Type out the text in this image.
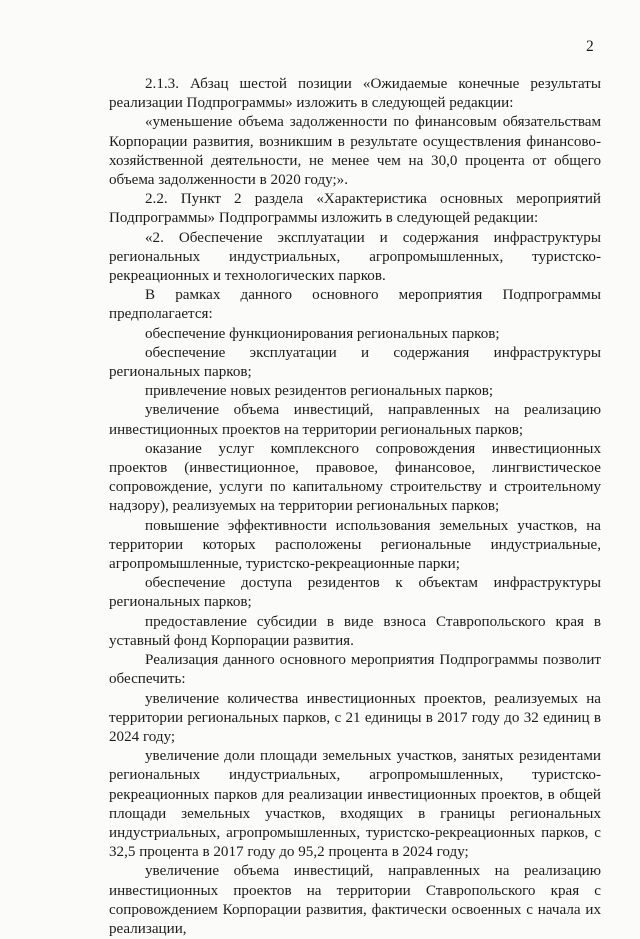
2

2.1.3. Абзац шестой позиции «Ожидаемые конечные результаты реализации Подпрограммы» изложить в следующей редакции:

«уменьшение объема задолженности по финансовым обязательствам Корпорации развития, возникшим в результате осуществления финансово-хозяйственной деятельности, не менее чем на 30,0 процента от общего объема задолженности в 2020 году;».

2.2. Пункт 2 раздела «Характеристика основных мероприятий Подпрограммы» Подпрограммы изложить в следующей редакции:

«2. Обеспечение эксплуатации и содержания инфраструктуры региональных индустриальных, агропромышленных, туристско-рекреационных и технологических парков.

В рамках данного основного мероприятия Подпрограммы предполагается:

обеспечение функционирования региональных парков;

обеспечение эксплуатации и содержания инфраструктуры региональных парков;

привлечение новых резидентов региональных парков;

увеличение объема инвестиций, направленных на реализацию инвестиционных проектов на территории региональных парков;

оказание услуг комплексного сопровождения инвестиционных проектов (инвестиционное, правовое, финансовое, лингвистическое сопровождение, услуги по капитальному строительству и строительному надзору), реализуемых на территории региональных парков;

повышение эффективности использования земельных участков, на территории которых расположены региональные индустриальные, агропромышленные, туристско-рекреационные парки;

обеспечение доступа резидентов к объектам инфраструктуры региональных парков;

предоставление субсидии в виде взноса Ставропольского края в уставный фонд Корпорации развития.

Реализация данного основного мероприятия Подпрограммы позволит обеспечить:

увеличение количества инвестиционных проектов, реализуемых на территории региональных парков, с 21 единицы в 2017 году до 32 единиц в 2024 году;

увеличение доли площади земельных участков, занятых резидентами региональных индустриальных, агропромышленных, туристско-рекреационных парков для реализации инвестиционных проектов, в общей площади земельных участков, входящих в границы региональных индустриальных, агропромышленных, туристско-рекреационных парков, с 32,5 процента в 2017 году до 95,2 процента в 2024 году;

увеличение объема инвестиций, направленных на реализацию инвестиционных проектов на территории Ставропольского края с сопровождением Корпорации развития, фактически освоенных с начала их реализации,
